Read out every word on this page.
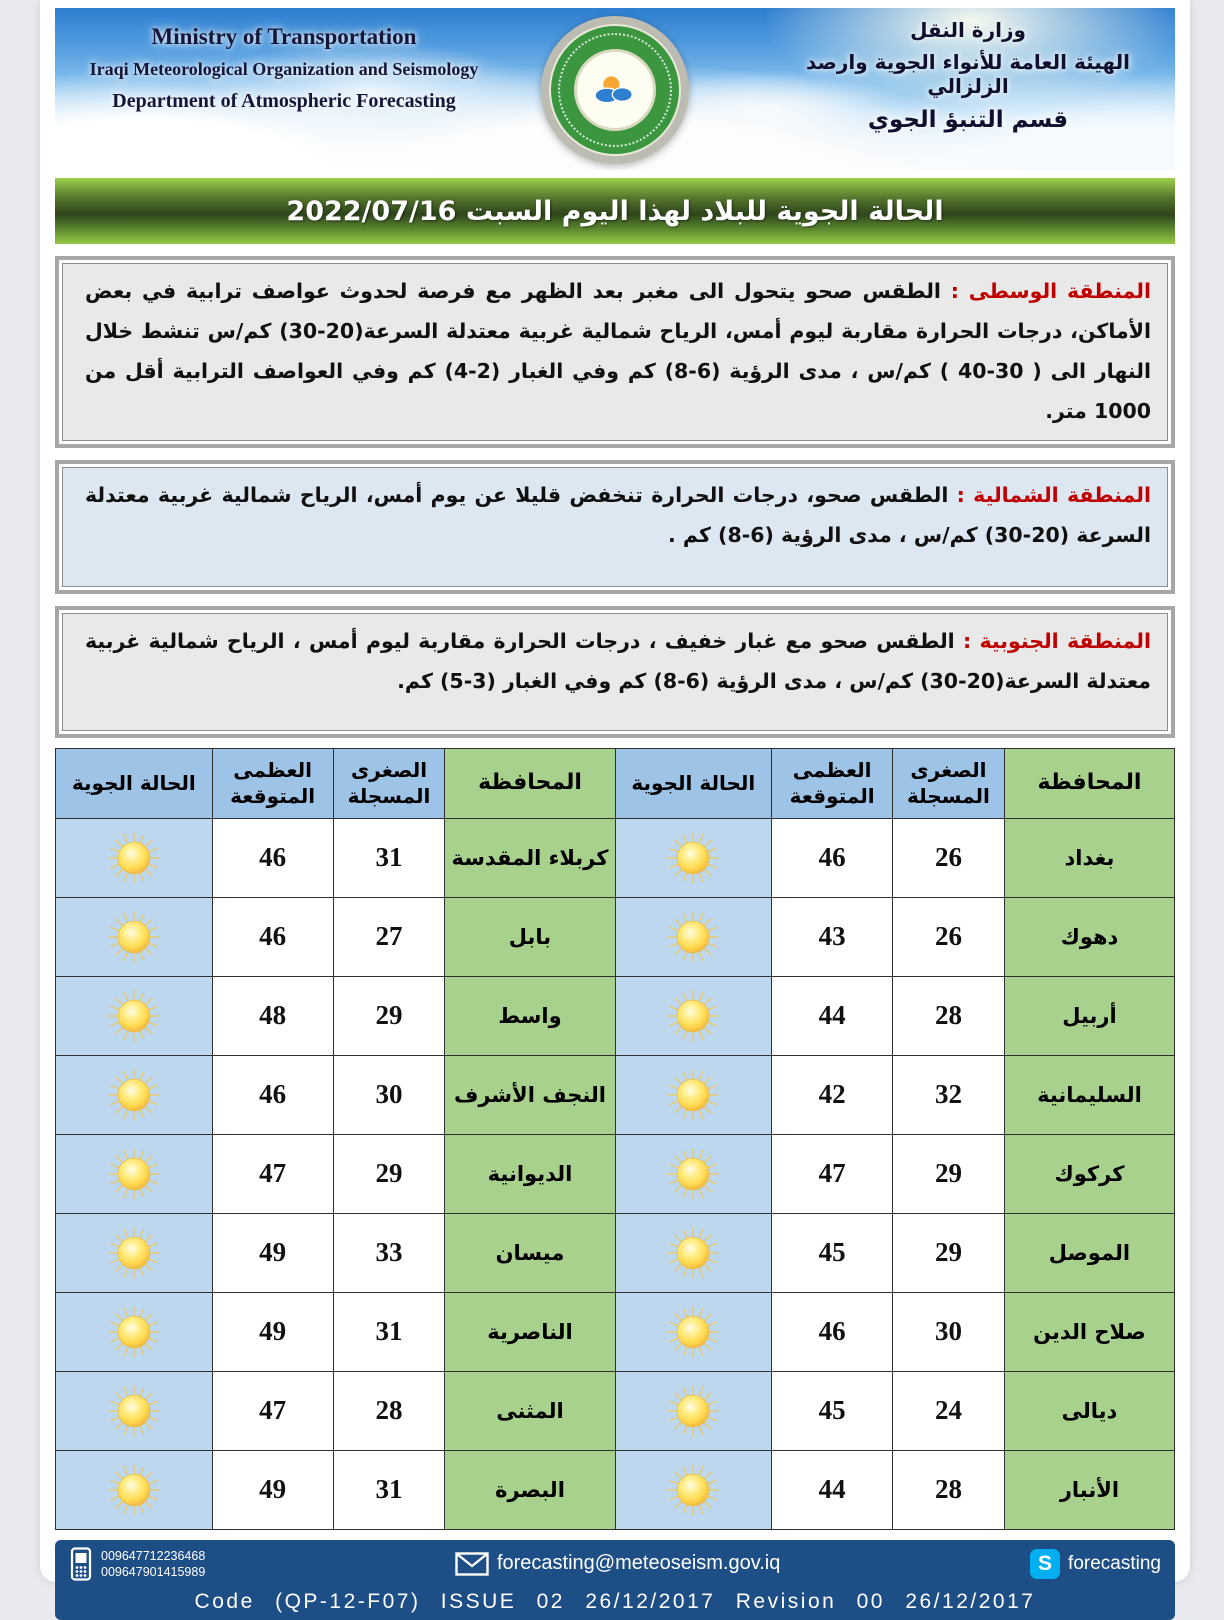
Ministry of Transportation
Iraqi Meteorological Organization and Seismology
Department of Atmospheric Forecasting
وزارة النقل
الهيئة العامة للأنواء الجوية وارصد الزلزالي
قسم التنبؤ الجوي
الحالة الجوية للبلاد لهذا اليوم السبت 2022/07/16
المنطقة الوسطى : الطقس صحو يتحول الى مغبر بعد الظهر مع فرصة لحدوث عواصف ترابية في بعض الأماكن، درجات الحرارة مقاربة ليوم أمس، الرياح شمالية غربية معتدلة السرعة(20-30) كم/س تنشط خلال النهار الى ( 30-40 ) كم/س ، مدى الرؤية (6-8) كم وفي الغبار (2-4) كم وفي العواصف الترابية أقل من 1000 متر.
المنطقة الشمالية : الطقس صحو، درجات الحرارة تنخفض قليلا عن يوم أمس، الرياح شمالية غربية معتدلة السرعة (20-30) كم/س ، مدى الرؤية (6-8) كم .
المنطقة الجنوبية : الطقس صحو مع غبار خفيف ، درجات الحرارة مقاربة ليوم أمس ، الرياح شمالية غربية معتدلة السرعة(20-30) كم/س ، مدى الرؤية (6-8) كم وفي الغبار (3-5) كم.
المحافظة	الصغرى المسجلة	العظمى المتوقعة	الحالة الجوية	المحافظة	الصغرى المسجلة	العظمى المتوقعة	الحالة الجوية
بغداد	26	46		كربلاء المقدسة	31	46	

دهوك	26	43		بابل	27	46	

أربيل	28	44		واسط	29	48	

السليمانية	32	42		النجف الأشرف	30	46	

كركوك	29	47		الديوانية	29	47	

الموصل	29	45		ميسان	33	49	

صلاح الدين	30	46		الناصرية	31	49	

ديالى	24	45		المثنى	28	47	

الأنبار	28	44		البصرة	31	49	
009647712236468
009647901415989	forecasting@meteoseism.gov.iq	S forecasting
Code (QP-12-F07) ISSUE 02 26/12/2017 Revision 00 26/12/2017
